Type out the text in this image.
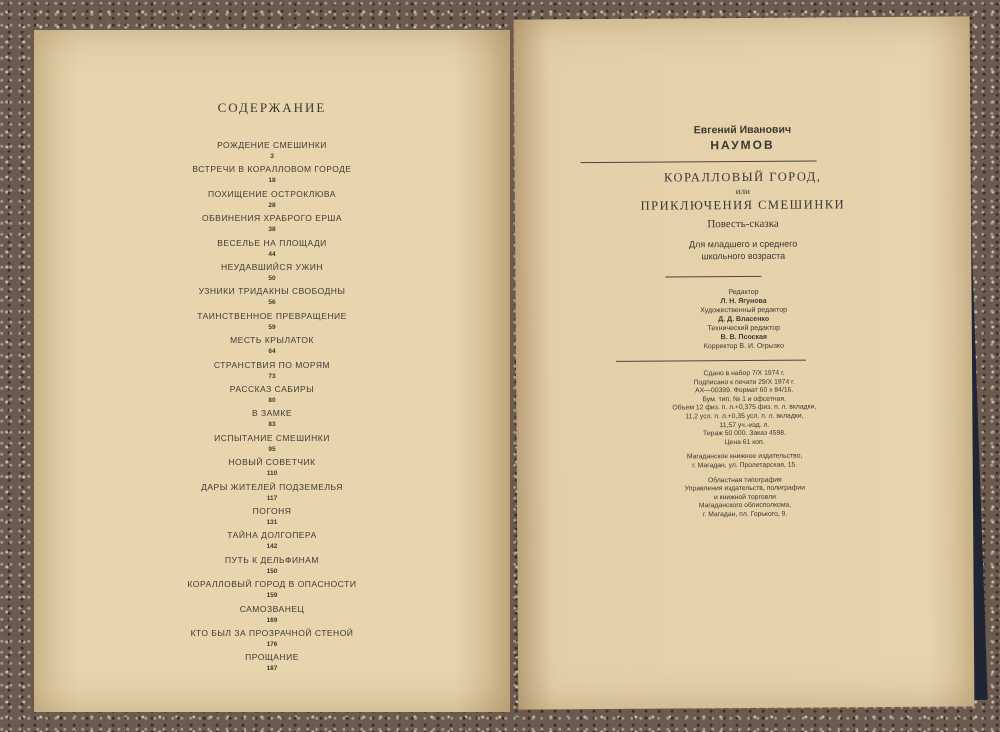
СОДЕРЖАНИЕ
РОЖДЕНИЕ СМЕШИНКИ
3
ВСТРЕЧИ В КОРАЛЛОВОМ ГОРОДЕ
18
ПОХИЩЕНИЕ ОСТРОКЛЮВА
28
ОБВИНЕНИЯ ХРАБРОГО ЕРША
38
ВЕСЕЛЬЕ НА ПЛОЩАДИ
44
НЕУДАВШИЙСЯ УЖИН
50
УЗНИКИ ТРИДАКНЫ СВОБОДНЫ
56
ТАИНСТВЕННОЕ ПРЕВРАЩЕНИЕ
59
МЕСТЬ КРЫЛАТОК
64
СТРАНСТВИЯ ПО МОРЯМ
73
РАССКАЗ САБИРЫ
80
В ЗАМКЕ
83
ИСПЫТАНИЕ СМЕШИНКИ
95
НОВЫЙ СОВЕТЧИК
110
ДАРЫ ЖИТЕЛЕЙ ПОДЗЕМЕЛЬЯ
117
ПОГОНЯ
131
ТАЙНА ДОЛГОПЕРА
142
ПУТЬ К ДЕЛЬФИНАМ
150
КОРАЛЛОВЫЙ ГОРОД В ОПАСНОСТИ
159
САМОЗВАНЕЦ
169
КТО БЫЛ ЗА ПРОЗРАЧНОЙ СТЕНОЙ
176
ПРОЩАНИЕ
187
Евгений Иванович
НАУМОВ
КОРАЛЛОВЫЙ ГОРОД,
или
ПРИКЛЮЧЕНИЯ СМЕШИНКИ
Повесть-сказка
Для младшего и среднего
школьного возраста
Редактор
Л. Н. Ягунова
Художественный редактор
Д. Д. Власенко
Технический редактор
В. В. Псоская
Корректор В. И. Огрызко
Сдано в набор 7/X 1974 г.
Подписано к печати 29/X 1974 г.
АХ—00399. Формат 60 х 84/16.
Бум. тип. № 1 и офсетная.
Объем 12 физ. п. л.+0,375 физ. п. л. вкладки,
11,2 усл. п. л.+0,35 усл. п. л. вкладки,
11,57 уч.-изд. л.
Тираж 50 000. Заказ 4598.
Цена 61 коп.
Магаданское книжное издательство,
г. Магадан, ул. Пролетарская, 15.
Областная типография
Управления издательств, полиграфии
и книжной торговли
Магаданского облисполкома,
г. Магадан, пл. Горького, 9.
